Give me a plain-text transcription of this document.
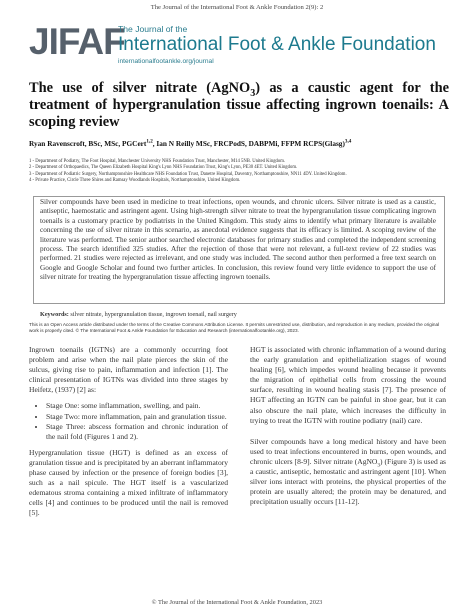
The Journal of the International Foot & Ankle Foundation 2(9): 2
JIFAF
The Journal of the
International Foot & Ankle Foundation
internationalfootankle.org/journal
The use of silver nitrate (AgNO$_3$) as a caustic agent for the treatment of hypergranulation tissue affecting ingrown toenails: A scoping review
Ryan Ravenscroft, BSc, MSc, PGCert$^{1,2}$, Ian N Reilly MSc, FRCPodS, DABPMi, FFPM RCPS(Glasg)$^{3,4}$
1 - Department of Podiatry, The Foot Hospital, Manchester University NHS Foundation Trust, Manchester, M14 5NB. United Kingdom.
2 - Department of Orthopaedics, The Queen Elizabeth Hospital King's Lynn NHS Foundation Trust, King's Lynn, PE30 4ET. United Kingdom.
3 - Department of Podiatric Surgery, Northamptonshire Healthcare NHS Foundation Trust, Danetre Hospital, Daventry, Northamptonshire, NN11 4DY. United Kingdom.
4 - Private Practice, Circle Three Shires and Ramsay Woodlands Hospitals, Northamptonshire, United Kingdom.
Silver compounds have been used in medicine to treat infections, open wounds, and chronic ulcers. Silver nitrate is used as a caustic, antiseptic, haemostatic and astringent agent. Using high-strength silver nitrate to treat the hypergranulation tissue complicating ingrown toenails is a customary practice by podiatrists in the United Kingdom. This study aims to identify what primary literature is available concerning the use of silver nitrate in this scenario, as anecdotal evidence suggests that its efficacy is limited. A scoping review of the literature was performed. The senior author searched electronic databases for primary studies and completed the independent screening process. The search identified 325 studies. After the rejection of those that were not relevant, a full-text review of 22 studies was performed. 21 studies were rejected as irrelevant, and one study was included. The second author then performed a free text search on Google and Google Scholar and found two further articles. In conclusion, this review found very little evidence to support the use of silver nitrate for treating the hypergranulation tissue affecting ingrown toenails.
Keywords: silver nitrate, hypergranulation tissue, ingrown toenail, nail surgery
This is an Open Access article distributed under the terms of the Creative Commons Attribution License. It permits unrestricted use, distribution, and reproduction in any medium, provided the original work is properly cited. © The International Foot & Ankle Foundation for Education and Research (internationalfootankle.org), 2023.

Ingrown toenails (IGTNs) are a commonly occurring foot problem and arise when the nail plate pierces the skin of the sulcus, giving rise to pain, inflammation and infection [1]. The clinical presentation of IGTNs was divided into three stages by Heifetz, (1937) [2] as:

• Stage One: some inflammation, swelling, and pain.
• Stage Two: more inflammation, pain and granulation tissue.
• Stage Three: abscess formation and chronic induration of the nail fold (Figures 1 and 2).

Hypergranulation tissue (HGT) is defined as an excess of granulation tissue and is precipitated by an aberrant inflammatory phase caused by infection or the presence of foreign bodies [3], such as a nail spicule. The HGT itself is a vascularized edematous stroma containing a mixed infiltrate of inflammatory cells [4] and continues to be produced until the nail is removed [5].

HGT is associated with chronic inflammation of a wound during the early granulation and epithelialization stages of wound healing [6], which impedes wound healing because it prevents the migration of epithelial cells from crossing the wound surface, resulting in wound healing stasis [7]. The presence of HGT affecting an IGTN can be painful in shoe gear, but it can also obscure the nail plate, which increases the difficulty in trying to treat the IGTN with routine podiatry (nail) care.

Silver compounds have a long medical history and have been used to treat infections encountered in burns, open wounds, and chronic ulcers [8-9]. Silver nitrate (AgNO$_3$) (Figure 3) is used as a caustic, antiseptic, hemostatic and astringent agent [10]. When silver ions interact with proteins, the physical properties of the protein are usually altered; the protein may be denatured, and precipitation usually occurs [11-12].

© The Journal of the International Foot & Ankle Foundation, 2023
